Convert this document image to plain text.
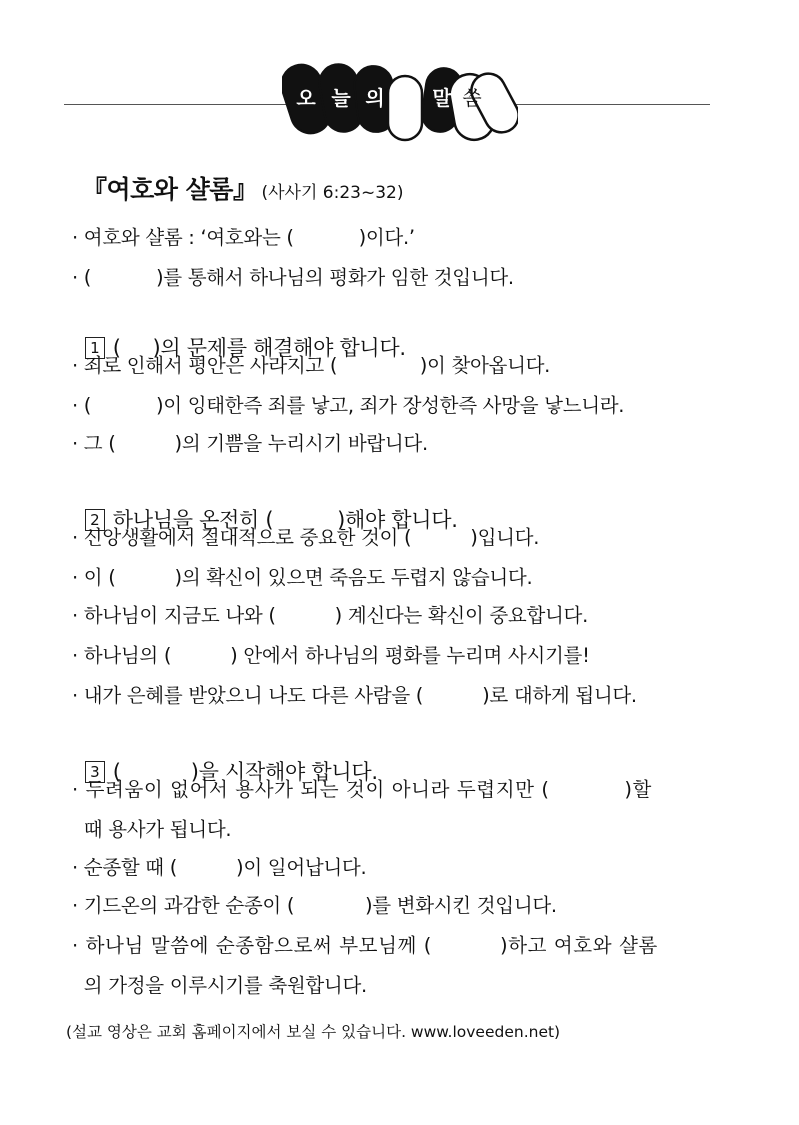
오 늘 의 말 씀
『여호와 샬롬』 (사사기 6:23~32)
· 여호와 샬롬 : ‘여호와는 (           )이다.’
· (           )를 통해서 하나님의 평화가 임한 것입니다.

1 (     )의 문제를 해결해야 합니다.

· 죄로 인해서 평안은 사라지고 (              )이 찾아옵니다.
· (           )이 잉태한즉 죄를 낳고, 죄가 장성한즉 사망을 낳느니라.
· 그 (          )의 기쁨을 누리시기 바랍니다.

2 하나님을 온전히 (          )해야 합니다.

· 신앙생활에서 절대적으로 중요한 것이 (          )입니다.
· 이 (          )의 확신이 있으면 죽음도 두렵지 않습니다.
· 하나님이 지금도 나와 (          ) 계신다는 확신이 중요합니다.
· 하나님의 (          ) 안에서 하나님의 평화를 누리며 사시기를!
· 내가 은혜를 받았으니 나도 다른 사람을 (          )로 대하게 됩니다.

3 (           )을 시작해야 합니다.

· 두려움이 없어서 용사가 되는 것이 아니라 두렵지만 (           )할
때 용사가 됩니다.
· 순종할 때 (          )이 일어납니다.
· 기드온의 과감한 순종이 (            )를 변화시킨 것입니다.
· 하나님 말씀에 순종함으로써 부모님께 (          )하고 여호와 샬롬
의 가정을 이루시기를 축원합니다.
(설교 영상은 교회 홈페이지에서 보실 수 있습니다. www.loveeden.net)
